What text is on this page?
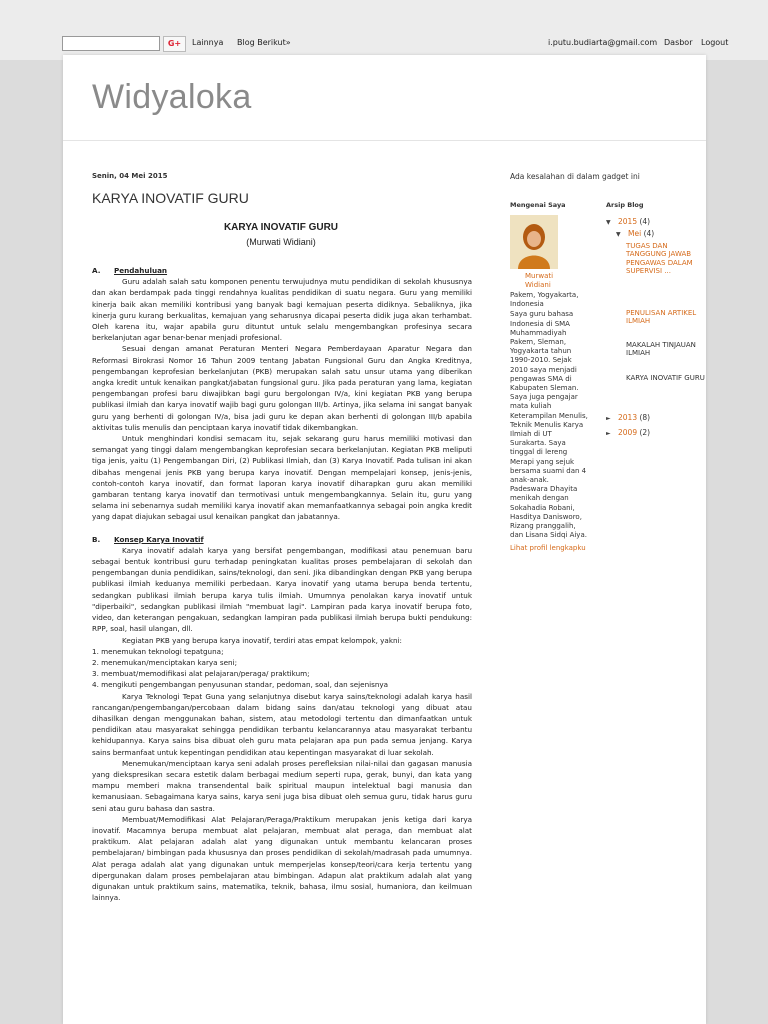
G+	Lainnya Blog Berikut»	i.putu.budiarta@gmail.com Dasbor Logout
Widyaloka
Senin, 04 Mei 2015
KARYA INOVATIF GURU
KARYA INOVATIF GURU
(Murwati Widiani)

A. Pendahuluan

Guru adalah salah satu komponen penentu terwujudnya mutu pendidikan di sekolah khususnya dan akan berdampak pada tinggi rendahnya kualitas pendidikan di suatu negara. Guru yang memiliki kinerja baik akan memiliki kontribusi yang banyak bagi kemajuan peserta didiknya. Sebaliknya, jika kinerja guru kurang berkualitas, kemajuan yang seharusnya dicapai peserta didik juga akan terhambat. Oleh karena itu, wajar apabila guru dituntut untuk selalu mengembangkan profesinya secara berkelanjutan agar benar-benar menjadi profesional.

Sesuai dengan amanat Peraturan Menteri Negara Pemberdayaan Aparatur Negara dan Reformasi Birokrasi Nomor 16 Tahun 2009 tentang Jabatan Fungsional Guru dan Angka Kreditnya, pengembangan keprofesian berkelanjutan (PKB) merupakan salah satu unsur utama yang diberikan angka kredit untuk kenaikan pangkat/jabatan fungsional guru. Jika pada peraturan yang lama, kegiatan pengembangan profesi baru diwajibkan bagi guru bergolongan IV/a, kini kegiatan PKB yang berupa publikasi ilmiah dan karya inovatif wajib bagi guru golongan III/b. Artinya, jika selama ini sangat banyak guru yang berhenti di golongan IV/a, bisa jadi guru ke depan akan berhenti di golongan III/b apabila aktivitas tulis menulis dan penciptaan karya inovatif tidak dikembangkan.

Untuk menghindari kondisi semacam itu, sejak sekarang guru harus memiliki motivasi dan semangat yang tinggi dalam mengembangkan keprofesian secara berkelanjutan. Kegiatan PKB meliputi tiga jenis, yaitu (1) Pengembangan Diri, (2) Publikasi Ilmiah, dan (3) Karya Inovatif. Pada tulisan ini akan dibahas mengenai jenis PKB yang berupa karya inovatif. Dengan mempelajari konsep, jenis-jenis, contoh-contoh karya inovatif, dan format laporan karya inovatif diharapkan guru akan memiliki gambaran tentang karya inovatif dan termotivasi untuk mengembangkannya. Selain itu, guru yang selama ini sebenarnya sudah memiliki karya inovatif akan memanfaatkannya sebagai poin angka kredit yang dapat diajukan sebagai usul kenaikan pangkat dan jabatannya.

B. Konsep Karya Inovatif

Karya inovatif adalah karya yang bersifat pengembangan, modifikasi atau penemuan baru sebagai bentuk kontribusi guru terhadap peningkatan kualitas proses pembelajaran di sekolah dan pengembangan dunia pendidikan, sains/teknologi, dan seni. Jika dibandingkan dengan PKB yang berupa publikasi ilmiah keduanya memiliki perbedaan. Karya inovatif yang utama berupa benda tertentu, sedangkan publikasi ilmiah berupa karya tulis ilmiah. Umumnya penolakan karya inovatif untuk "diperbaiki", sedangkan publikasi ilmiah "membuat lagi". Lampiran pada karya inovatif berupa foto, video, dan keterangan pengakuan, sedangkan lampiran pada publikasi ilmiah berupa bukti pendukung: RPP, soal, hasil ulangan, dll.

Kegiatan PKB yang berupa karya inovatif, terdiri atas empat kelompok, yakni:

1. menemukan teknologi tepatguna;

2. menemukan/menciptakan karya seni;

3. membuat/memodifikasi alat pelajaran/peraga/ praktikum;

4. mengikuti pengembangan penyusunan standar, pedoman, soal, dan sejenisnya

Karya Teknologi Tepat Guna yang selanjutnya disebut karya sains/teknologi adalah karya hasil rancangan/pengembangan/percobaan dalam bidang sains dan/atau teknologi yang dibuat atau dihasilkan dengan menggunakan bahan, sistem, atau metodologi tertentu dan dimanfaatkan untuk pendidikan atau masyarakat sehingga pendidikan terbantu kelancarannya atau masyarakat terbantu kehidupannya. Karya sains bisa dibuat oleh guru mata pelajaran apa pun pada semua jenjang. Karya sains bermanfaat untuk kepentingan pendidikan atau kepentingan masyarakat di luar sekolah.

Menemukan/menciptaan karya seni adalah proses perefleksian nilai-nilai dan gagasan manusia yang diekspresikan secara estetik dalam berbagai medium seperti rupa, gerak, bunyi, dan kata yang mampu memberi makna transendental baik spiritual maupun intelektual bagi manusia dan kemanusiaan. Sebagaimana karya sains, karya seni juga bisa dibuat oleh semua guru, tidak harus guru seni atau guru bahasa dan sastra.

Membuat/Memodifikasi Alat Pelajaran/Peraga/Praktikum merupakan jenis ketiga dari karya inovatif. Macamnya berupa membuat alat pelajaran, membuat alat peraga, dan membuat alat praktikum. Alat pelajaran adalah alat yang digunakan untuk membantu kelancaran proses pembelajaran/ bimbingan pada khususnya dan proses pendidikan di sekolah/madrasah pada umumnya. Alat peraga adalah alat yang digunakan untuk memperjelas konsep/teori/cara kerja tertentu yang dipergunakan dalam proses pembelajaran atau bimbingan. Adapun alat praktikum adalah alat yang digunakan untuk praktikum sains, matematika, teknik, bahasa, ilmu sosial, humaniora, dan keilmuan lainnya.

Ada kesalahan di dalam gadget ini
Mengenai Saya
Murwati Widiani
Pakem, Yogyakarta, Indonesia
Saya guru bahasa Indonesia di SMA Muhammadiyah Pakem, Sleman, Yogyakarta tahun 1990-2010. Sejak 2010 saya menjadi pengawas SMA di Kabupaten Sleman. Saya juga pengajar mata kuliah Keterampilan Menulis, Teknik Menulis Karya Ilmiah di UT Surakarta. Saya tinggal di lereng Merapi yang sejuk bersama suami dan 4 anak-anak. Padeswara Dhayita menikah dengan Sokahadia Robani, Hasditya Danisworo, Rizang pranggalih, dan Lisana Sidqi Aiya.
Lihat profil lengkapku
Arsip Blog
▼ 2015 (4)
▼ Mei (4)
TUGAS DAN TANGGUNG JAWAB PENGAWAS DALAM SUPERVISI ...
PENULISAN ARTIKEL ILMIAH
MAKALAH TINJAUAN ILMIAH
KARYA INOVATIF GURU
► 2013 (8)
► 2009 (2)
